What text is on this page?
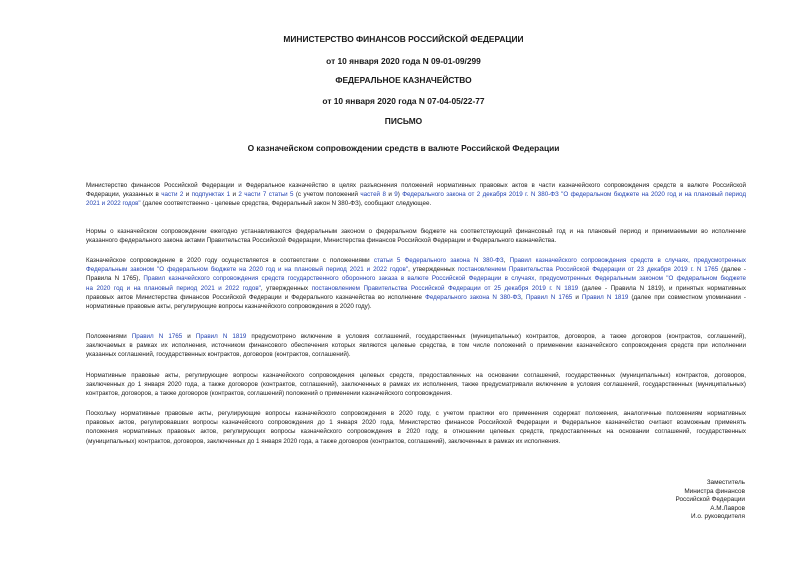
МИНИСТЕРСТВО ФИНАНСОВ РОССИЙСКОЙ ФЕДЕРАЦИИ
от 10 января 2020 года N 09-01-09/299
ФЕДЕРАЛЬНОЕ КАЗНАЧЕЙСТВО
от 10 января 2020 года N 07-04-05/22-77
ПИСЬМО
О казначейском сопровождении средств в валюте Российской Федерации
Министерство финансов Российской Федерации и Федеральное казначейство в целях разъяснения положений нормативных правовых актов в части казначейского сопровождения средств в валюте Российской
Федерации, указанных в части 2 и подпунктах 1 и 2 части 7 статьи 5 (с учетом положений частей 8 и 9) Федерального закона от 2 декабря 2019 г. N 380-ФЗ "О федеральном бюджете на 2020 год и на плановый период
2021 и 2022 годов" (далее соответственно - целевые средства, Федеральный закон N 380-ФЗ), сообщают следующее.
Нормы о казначейском сопровождении ежегодно устанавливаются федеральным законом о федеральном бюджете на соответствующий финансовый год и на плановый период и принимаемыми во исполнение
указанного федерального закона актами Правительства Российской Федерации, Министерства финансов Российской Федерации и Федерального казначейства.
Казначейское сопровождение в 2020 году осуществляется в соответствии с положениями статьи 5 Федерального закона N 380-ФЗ, Правил казначейского сопровождения средств в случаях, предусмотренных
Федеральным законом "О федеральном бюджете на 2020 год и на плановый период 2021 и 2022 годов", утвержденных постановлением Правительства Российской Федерации от 23 декабря 2019 г. N 1765 (далее -
Правила N 1765), Правил казначейского сопровождения средств государственного оборонного заказа в валюте Российской Федерации в случаях, предусмотренных Федеральным законом "О федеральном бюджете
на 2020 год и на плановый период 2021 и 2022 годов", утвержденных постановлением Правительства Российской Федерации от 25 декабря 2019 г. N 1819 (далее - Правила N 1819), и принятых нормативных
правовых актов Министерства финансов Российской Федерации и Федерального казначейства во исполнение Федерального закона N 380-ФЗ, Правил N 1765 и Правил N 1819 (далее при совместном упоминании -
нормативные правовые акты, регулирующие вопросы казначейского сопровождения в 2020 году).
Положениями Правил N 1765 и Правил N 1819 предусмотрено включение в условия соглашений, государственных (муниципальных) контрактов, договоров, а также договоров (контрактов, соглашений),
заключаемых в рамках их исполнения, источником финансового обеспечения которых являются целевые средства, в том числе положений о применении казначейского сопровождения средств при исполнении
указанных соглашений, государственных контрактов, договоров (контрактов, соглашений).
Нормативные правовые акты, регулирующие вопросы казначейского сопровождения целевых средств, предоставленных на основании соглашений, государственных (муниципальных) контрактов, договоров,
заключенных до 1 января 2020 года, а также договоров (контрактов, соглашений), заключенных в рамках их исполнения, также предусматривали включение в условия соглашений, государственных (муниципальных)
контрактов, договоров, а также договоров (контрактов, соглашений) положений о применении казначейского сопровождения.
Поскольку нормативные правовые акты, регулирующие вопросы казначейского сопровождения в 2020 году, с учетом практики его применения содержат положения, аналогичные положениям нормативных
правовых актов, регулировавших вопросы казначейского сопровождения до 1 января 2020 года, Министерство финансов Российской Федерации и Федеральное казначейство считают возможным применять
положения нормативных правовых актов, регулирующих вопросы казначейского сопровождения в 2020 году, в отношении целевых средств, предоставленных на основании соглашений, государственных
(муниципальных) контрактов, договоров, заключенных до 1 января 2020 года, а также договоров (контрактов, соглашений), заключенных в рамках их исполнения.
Заместитель
Министра финансов
Российской Федерации
А.М.Лавров
И.о. руководителя
